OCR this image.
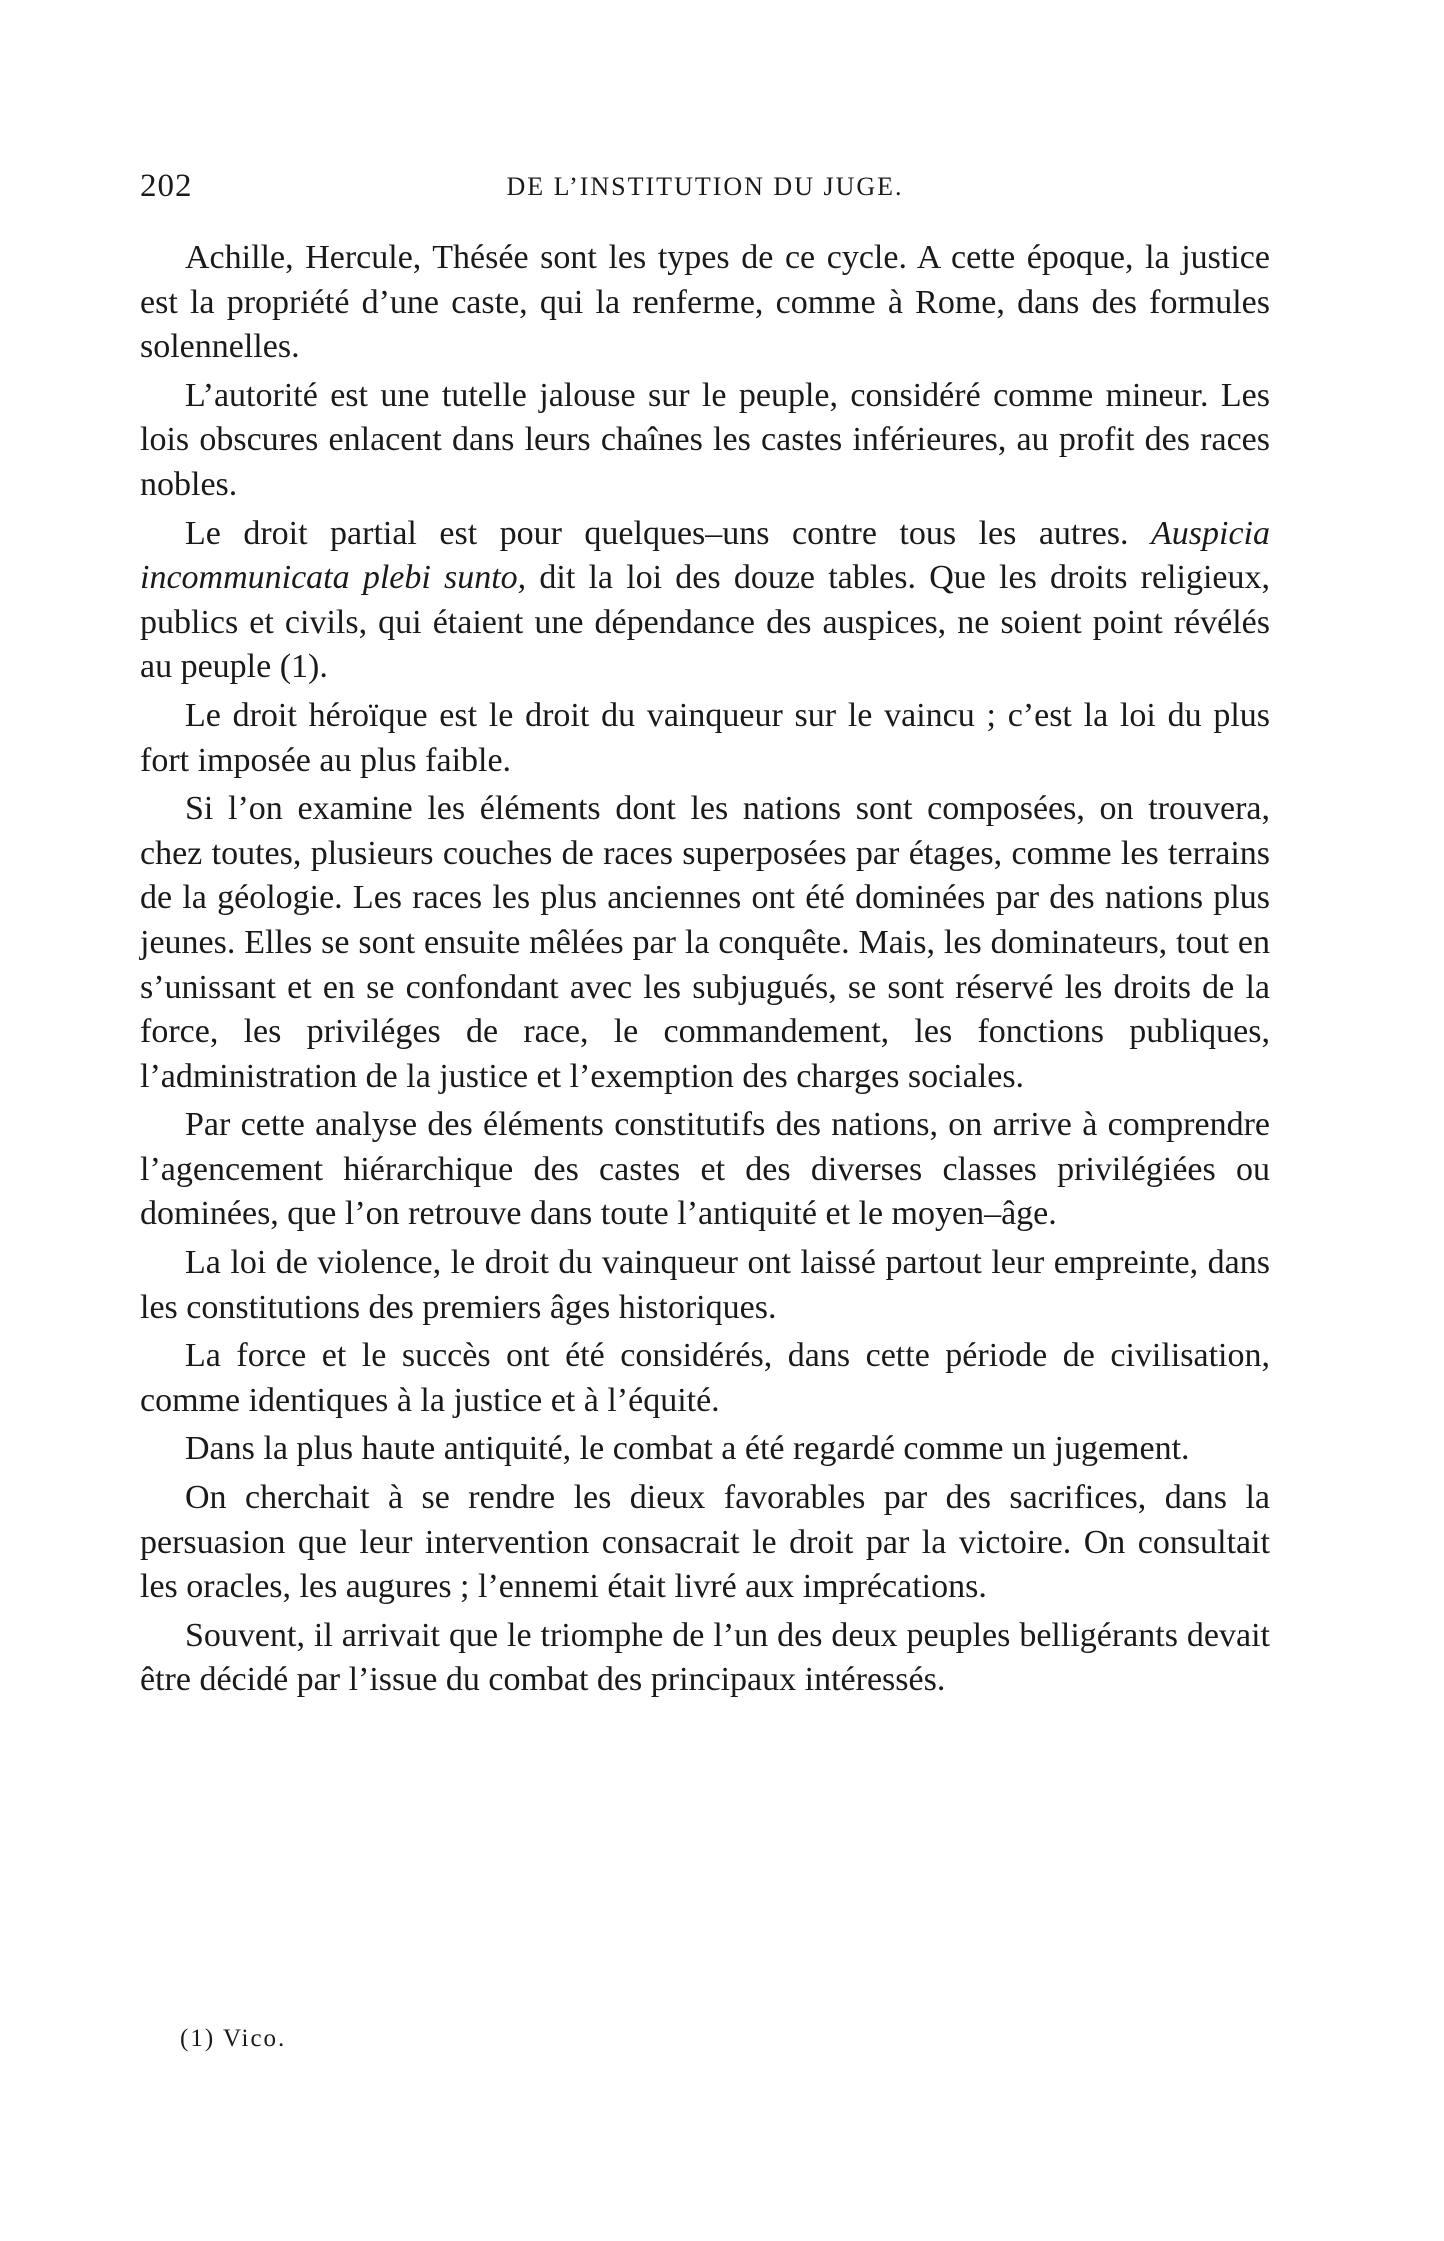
202	DE L’INSTITUTION DU JUGE.

Achille, Hercule, Thésée sont les types de ce cycle. A cette époque, la justice est la propriété d’une caste, qui la renferme, comme à Rome, dans des formules solennelles.

L’autorité est une tutelle jalouse sur le peuple, considéré comme mineur. Les lois obscures enlacent dans leurs chaînes les castes inférieures, au profit des races nobles.

Le droit partial est pour quelques–uns contre tous les autres. Auspicia incommunicata plebi sunto, dit la loi des douze tables. Que les droits religieux, publics et civils, qui étaient une dépendance des auspices, ne soient point révélés au peuple (1).

Le droit héroïque est le droit du vainqueur sur le vaincu ; c’est la loi du plus fort imposée au plus faible.

Si l’on examine les éléments dont les nations sont composées, on trouvera, chez toutes, plusieurs couches de races superposées par étages, comme les terrains de la géologie. Les races les plus anciennes ont été dominées par des nations plus jeunes. Elles se sont ensuite mêlées par la conquête. Mais, les dominateurs, tout en s’unissant et en se confondant avec les subjugués, se sont réservé les droits de la force, les priviléges de race, le commandement, les fonctions publiques, l’administration de la justice et l’exemption des charges sociales.

Par cette analyse des éléments constitutifs des nations, on arrive à comprendre l’agencement hiérarchique des castes et des diverses classes privilégiées ou dominées, que l’on retrouve dans toute l’antiquité et le moyen–âge.

La loi de violence, le droit du vainqueur ont laissé partout leur empreinte, dans les constitutions des premiers âges historiques.

La force et le succès ont été considérés, dans cette période de civilisation, comme identiques à la justice et à l’équité.

Dans la plus haute antiquité, le combat a été regardé comme un jugement.

On cherchait à se rendre les dieux favorables par des sacrifices, dans la persuasion que leur intervention consacrait le droit par la victoire. On consultait les oracles, les augures ; l’ennemi était livré aux imprécations.

Souvent, il arrivait que le triomphe de l’un des deux peuples belligérants devait être décidé par l’issue du combat des principaux intéressés.

(1) Vico.
